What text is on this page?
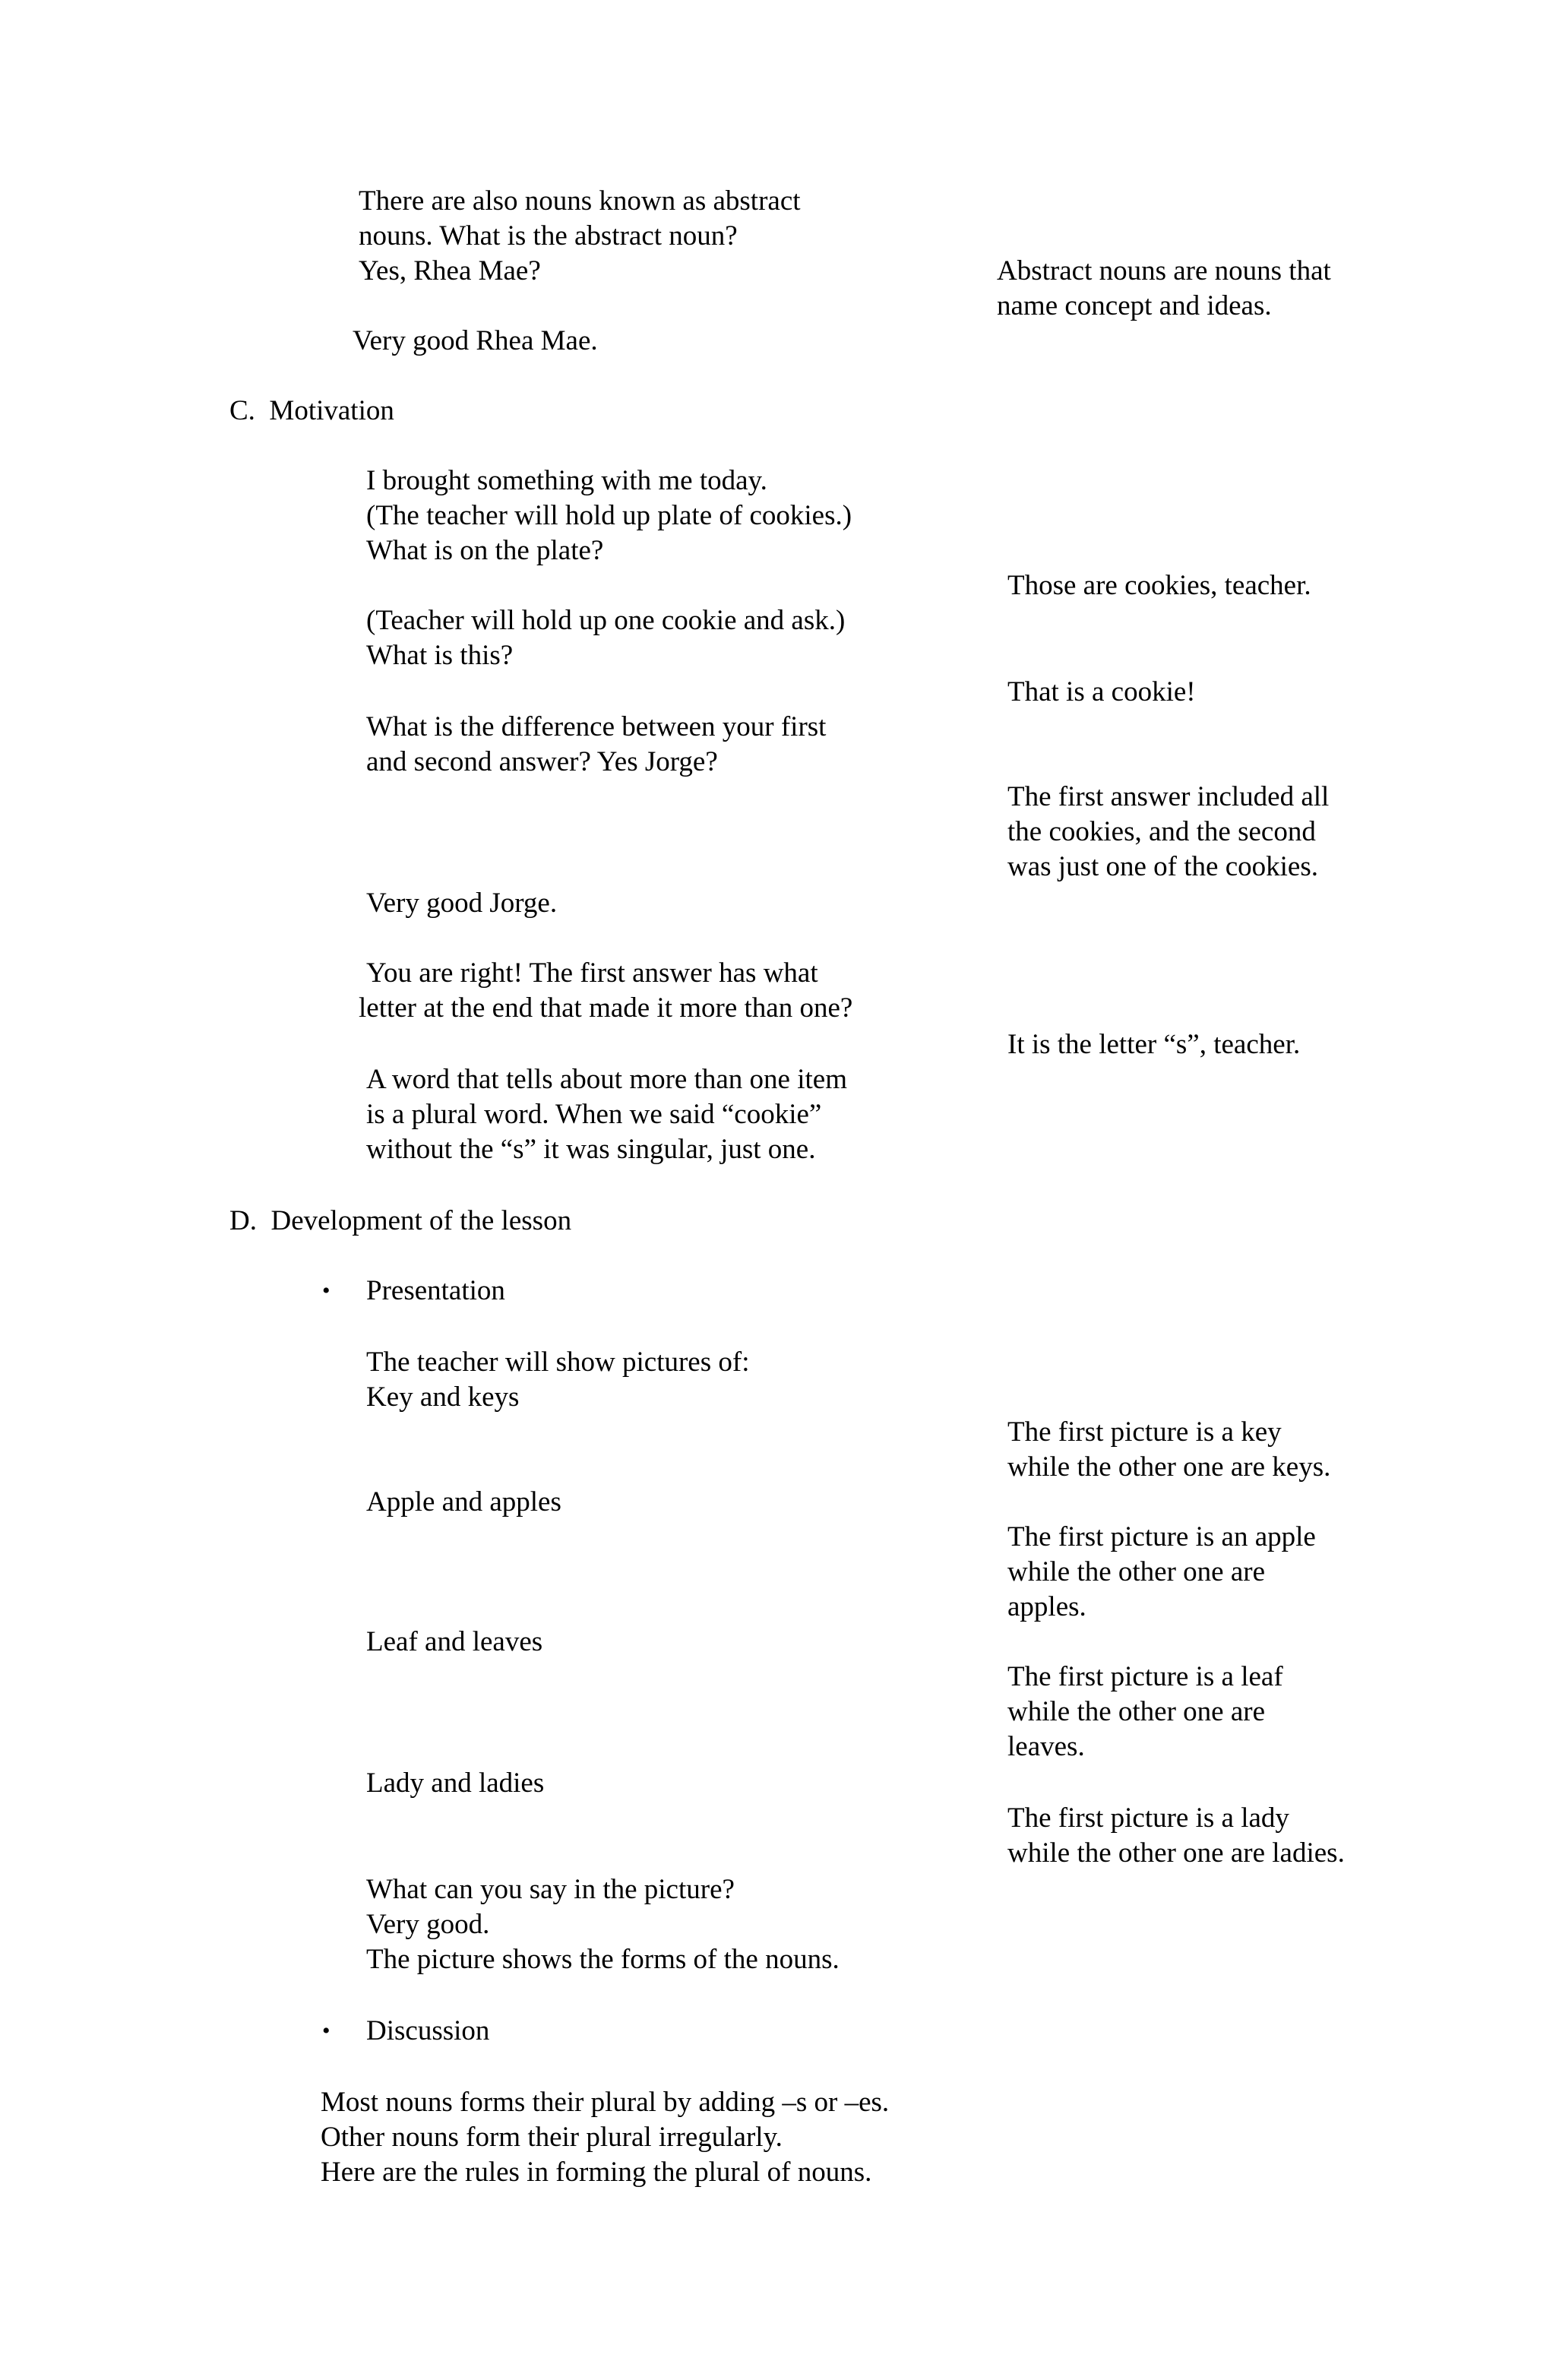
There are also nouns known as abstract

nouns. What is the abstract noun?

Yes, Rhea Mae?

Very good Rhea Mae.

Abstract nouns are nouns that

name concept and ideas.

C.  Motivation

I brought something with me today.

(The teacher will hold up plate of cookies.)

What is on the plate?

(Teacher will hold up one cookie and ask.)

What is this?

What is the difference between your first

and second answer? Yes Jorge?

Very good Jorge.

You are right! The first answer has what

letter at the end that made it more than one?

A word that tells about more than one item

is a plural word. When we said “cookie”

without the “s” it was singular, just one.

Those are cookies, teacher.

That is a cookie!

The first answer included all

the cookies, and the second

was just one of the cookies.

It is the letter “s”, teacher.

D.  Development of the lesson

• Presentation

The teacher will show pictures of:

Key and keys

Apple and apples

Leaf and leaves

Lady and ladies

What can you say in the picture?

Very good.

The picture shows the forms of the nouns.

The first picture is a key

while the other one are keys.

The first picture is an apple

while the other one are

apples.

The first picture is a leaf

while the other one are

leaves.

The first picture is a lady

while the other one are ladies.

• Discussion

Most nouns forms their plural by adding –s or –es.

Other nouns form their plural irregularly.

Here are the rules in forming the plural of nouns.
